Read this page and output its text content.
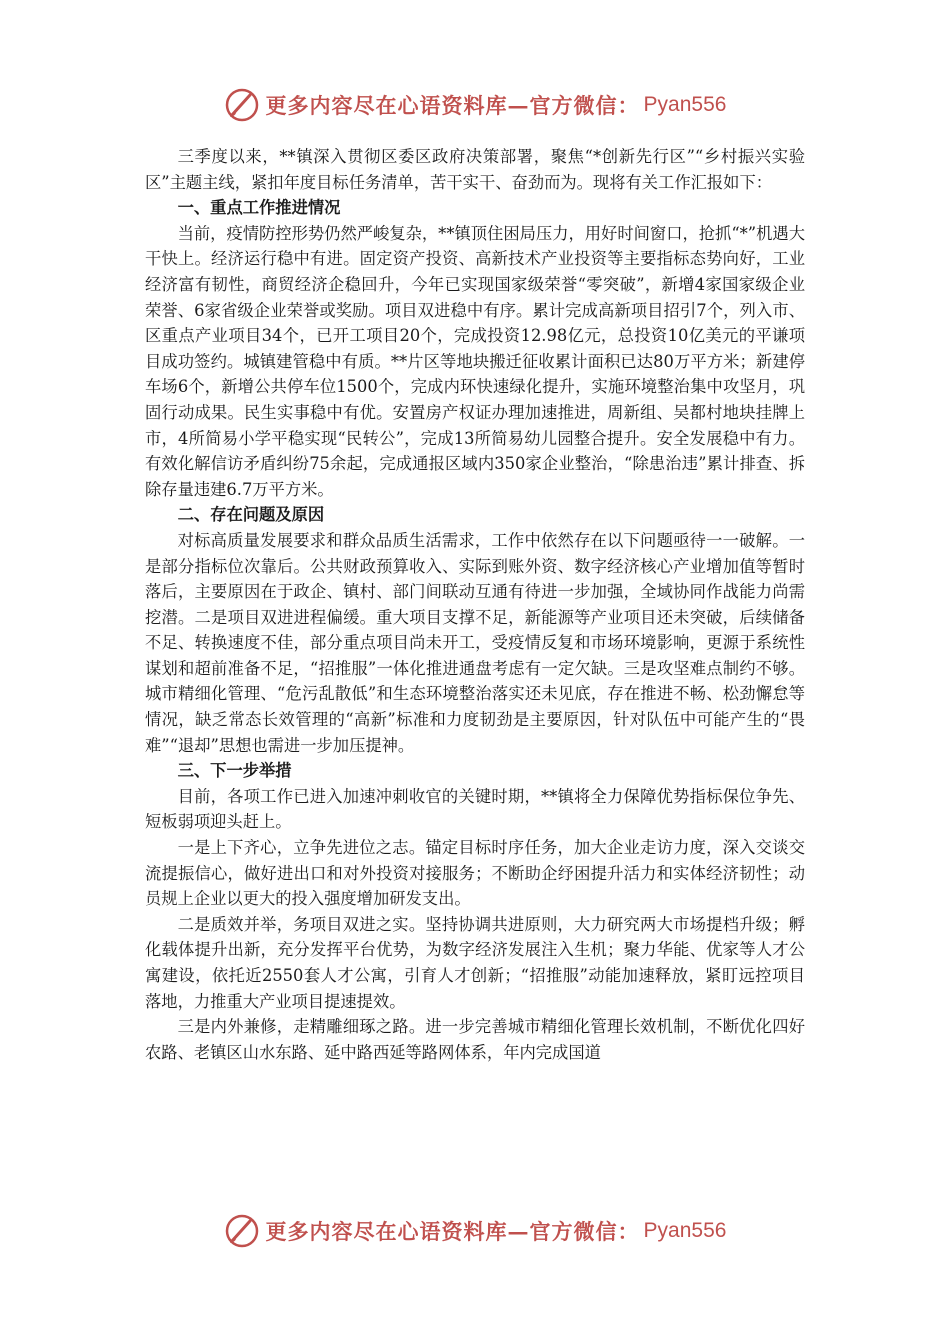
更多内容尽在心语资料库—官方微信： Pyan556

三季度以来，**镇深入贯彻区委区政府决策部署，聚焦“*创新先行区”“乡村振兴实验区”主题主线，紧扣年度目标任务清单，苦干实干、奋劲而为。现将有关工作汇报如下：

一、重点工作推进情况

当前，疫情防控形势仍然严峻复杂，**镇顶住困局压力，用好时间窗口，抢抓“*”机遇大干快上。经济运行稳中有进。固定资产投资、高新技术产业投资等主要指标态势向好，工业经济富有韧性，商贸经济企稳回升，今年已实现国家级荣誉“零突破”，新增4家国家级企业荣誉、6家省级企业荣誉或奖励。项目双进稳中有序。累计完成高新项目招引7个，列入市、区重点产业项目34个，已开工项目20个，完成投资12.98亿元，总投资10亿美元的平谦项目成功签约。城镇建管稳中有质。**片区等地块搬迁征收累计面积已达80万平方米；新建停车场6个，新增公共停车位1500个，完成内环快速绿化提升，实施环境整治集中攻坚月，巩固行动成果。民生实事稳中有优。安置房产权证办理加速推进，周新组、吴都村地块挂牌上市，4所简易小学平稳实现“民转公”，完成13所简易幼儿园整合提升。安全发展稳中有力。有效化解信访矛盾纠纷75余起，完成通报区域内350家企业整治，“除患治违”累计排查、拆除存量违建6.7万平方米。

二、存在问题及原因

对标高质量发展要求和群众品质生活需求，工作中依然存在以下问题亟待一一破解。一是部分指标位次靠后。公共财政预算收入、实际到账外资、数字经济核心产业增加值等暂时落后，主要原因在于政企、镇村、部门间联动互通有待进一步加强，全域协同作战能力尚需挖潜。二是项目双进进程偏缓。重大项目支撑不足，新能源等产业项目还未突破，后续储备不足、转换速度不佳，部分重点项目尚未开工，受疫情反复和市场环境影响，更源于系统性谋划和超前准备不足，“招推服”一体化推进通盘考虑有一定欠缺。三是攻坚难点制约不够。城市精细化管理、“危污乱散低”和生态环境整治落实还未见底，存在推进不畅、松劲懈怠等情况，缺乏常态长效管理的“高新”标准和力度韧劲是主要原因，针对队伍中可能产生的“畏难”“退却”思想也需进一步加压提神。

三、下一步举措

目前，各项工作已进入加速冲刺收官的关键时期，**镇将全力保障优势指标保位争先、短板弱项迎头赶上。

一是上下齐心，立争先进位之志。锚定目标时序任务，加大企业走访力度，深入交谈交流提振信心，做好进出口和对外投资对接服务；不断助企纾困提升活力和实体经济韧性；动员规上企业以更大的投入强度增加研发支出。

二是质效并举，务项目双进之实。坚持协调共进原则，大力研究两大市场提档升级；孵化载体提升出新，充分发挥平台优势，为数字经济发展注入生机；聚力华能、优家等人才公寓建设，依托近2550套人才公寓，引育人才创新；“招推服”动能加速释放，紧盯远控项目落地，力推重大产业项目提速提效。

三是内外兼修，走精雕细琢之路。进一步完善城市精细化管理长效机制，不断优化四好农路、老镇区山水东路、延中路西延等路网体系，年内完成国道

更多内容尽在心语资料库—官方微信： Pyan556
